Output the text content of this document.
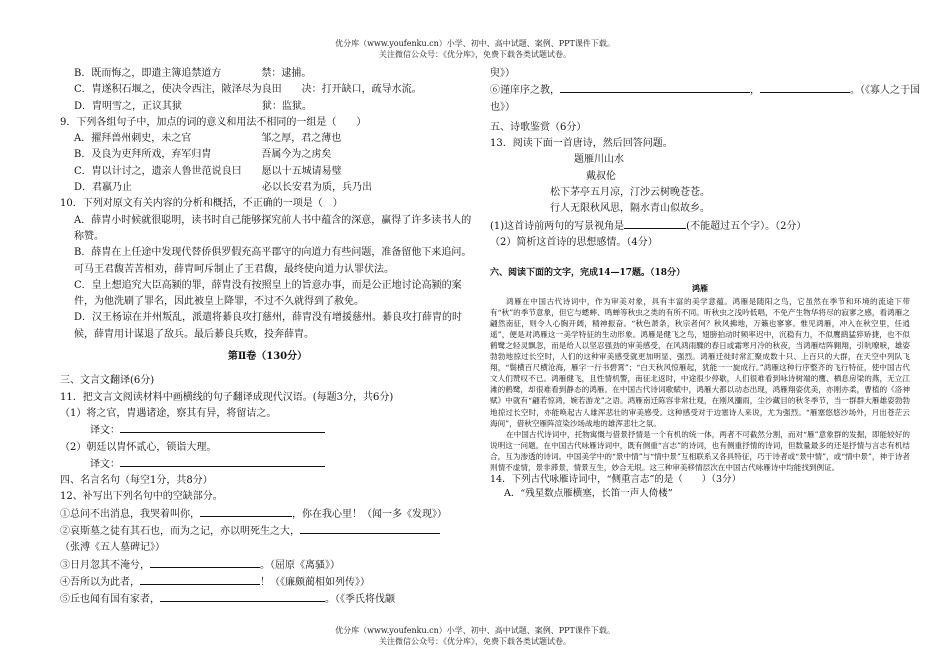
优分库（www.youfenku.cn）小学、初中、高中试题、案例、PPT课件下载。
关注微信公众号：《优分库》，免费下载各类试题试卷。
B．既而悔之，即遣主簿追禁道方　　　　禁：逮捕。
C．胄遂积石堰之，使决令西注，陂泽尽为良田　　决：打开缺口，疏导水流。
D．胄明雪之，正议其狱　　　　　　　　狱：监狱。
9．下列各组句子中，加点的词的意义和用法不相同的一组是（　　）
A．擢拜兽州刺史，未之官　　　　　　　邹之厚，君之薄也
B．及良为吏拜所戏，弃军归胄　　　　　吾属今为之虏矣
C．胄以计讨之，遗亲人鲁世范说良曰　　愿以十五城请易璧
D．君嬴乃止　　　　　　　　　　　　　必以长安君为质，兵乃出
10．下列对原文有关内容的分析和概括，不正确的一项是（　）
A．薛胄小时候就很聪明，读书时自己能够探究前人书中蕴含的深意，赢得了许多读书人的称赞。
B．薛胄在上任途中发现代替侨俱罗假充高平郡守的向道力有些问题，准备留他下来追问。可马王君馥苦苦相劝，薛胄呵斥制止了王君馥，最终使向道力认罪伏法。
C．皇上想追究大臣高颍的罪，薛胄没有按照皇上的旨意办事，而是公正地讨论高颍的案件，为他洗刷了罪名，因此被皇上降罪，不过不久就得到了赦免。
D．汉王杨谅在并州叛乱，派遣将綦良攻打慈州，薛胄没有增援慈州。綦良攻打薛胄的时候，薛胄用计谋退了敌兵。最后綦良兵败，投奔薛胄。
第Ⅱ卷（130分）
三、文言文翻译(6分)
11．把文言文阅读材料中画横线的句子翻译成现代汉语。(每题3分，共6分)
（1）将之官，胄遇诸途，察其有异，将留诘之。
译文：
（2）朝廷以胄怀贰心，锁诣大理。
译文：
四、名言名句（每空1分，共8分）
12、补写出下列名句中的空缺部分。
①总问不出消息，我哭着叫你，	，你在我心里！（闻一多《发现》）
②哀斯墓之徒有其石也，而为之记，亦以明死生之大，
（张溥《五人墓碑记》）
③日月忽其不淹兮，	。（屈原《离骚》）
④吾所以为此者，	！（《廉颇蔺相如列传》）
⑤丘也闻有国有家者，	。（《季氏将伐颛
臾》）
⑥谨庠序之教，	，	。（《寡人之于国
也》）
五、诗歌鉴赏（6分）
13．阅读下面一首唐诗，然后回答问题。
题雁川山水
戴叔伦
松下茅亭五月凉，汀沙云树晚苍苍。
行人无限秋风思，隔水青山似故乡。
(1)这首诗前两句的写景视角是	(不能超过五个字）。（2分）
（2）简析这首诗的思想感情。（4分）
六、阅读下面的文字，完成14—17题。（18分）
鸿雁

鸿雁在中国古代诗词中，作为审美对象，具有丰富的美学意蕴。鸿雁是随阳之鸟，它虽然在季节和环境的流途下带有“秋”的季节意象，但它与蟋蟀、鸣蝉等秋虫之类的有所不同。听秋虫之浅吟低唱，不免产生物华将尽的寂寥之感，看鸿雁之翩然南征，则令人心胸开阔，精神振奋。“秋色萧条，秋宗者何？秋风拂地，万籁也寥寥。惟见鸿雁，冲入在秋空里，任逍遥”，便是对鸿雁这一美学特征的生动形象。鸿雁是健飞之鸟，翅膀拍动时频率迟中，沉稳有力，不似鹰鹞猛猝矫捷，也不似鹤鹭之轻灵飘忽，而是给人以坚忍强劲的审美感受，在风鸿雨驟的春日或霜寒月冷的秋夜，当鸿雁结阵翱翔，引吭嘹唳，雄姿勃勃地掠过长空时，人们的这种审美感受就更加明显、强烈。鸿雁迁徙时常汇聚成数十只、上百只的大群，在天空中列队飞翔，“鬓横百尺横沧海，雁字一行书碧霄”；“白天秋风惊雁起，犹能一一旋成行。”鸿雁这种行序整齐的飞行特征，使中国古代文人们赞叹不已。鸿雁健飞，且性情机警，南征北返时，中途很少停歇，人们很难看到咏诗树端的鹰、栖息房梁的燕，无立江滩的鹤鹭，却很难看到静态的鸿雁。在中国古代诗词歌赋中，鸿雁大都以动态出现，鸿雁翔姿优美，亦刚亦柔，曹植的《洛神赋》中就有“翩若惊鸿，婉若游龙”之语。鸿雁南迁陈容非常壮观，在刚风瀰雨，尘沙藏目的秋冬季节，当一群群大雁雄姿勃勃地掠过长空时，亦能唤起古人雄浑悲壮的审美感受。这种感受对于边塞诗人来说，尤为强烈。“雁塞悠悠沙场外，月出苍茫云海间”，借秋空雁阵渲染沙场战地的雄浑悲壮之氛。

在中国古代诗词中，托物寓慨与借景抒情是一个有机的统一体，两者不可截然分割，而对“雁”意象群的发掘，即能较好的说明这一问题。在中国古代咏雁诗词中，既有侧重“言志”的诗词，也有侧重抒情的诗词，但数量最多的还是抒情与言志有机结合，互为渗透的诗词。中国美学中的“景中情”与“情中景”互相联系又各具特征，巧于诗者或“景中情”，或“情中景”，神于诗者则情不虚情，景非滞景，情景互生，妙合无垠。这三种审美移情层次在中国古代咏雁诗中均能找到例证。

14．下列古代咏雁诗词中，“侧重言志”的是（　　）（3分）
A．“残星数点雁横塞，长笛一声人倚楼”
优分库（www.youfenku.cn）小学、初中、高中试题、案例、PPT课件下载。
关注微信公众号：《优分库》，免费下载各类试题试卷。
